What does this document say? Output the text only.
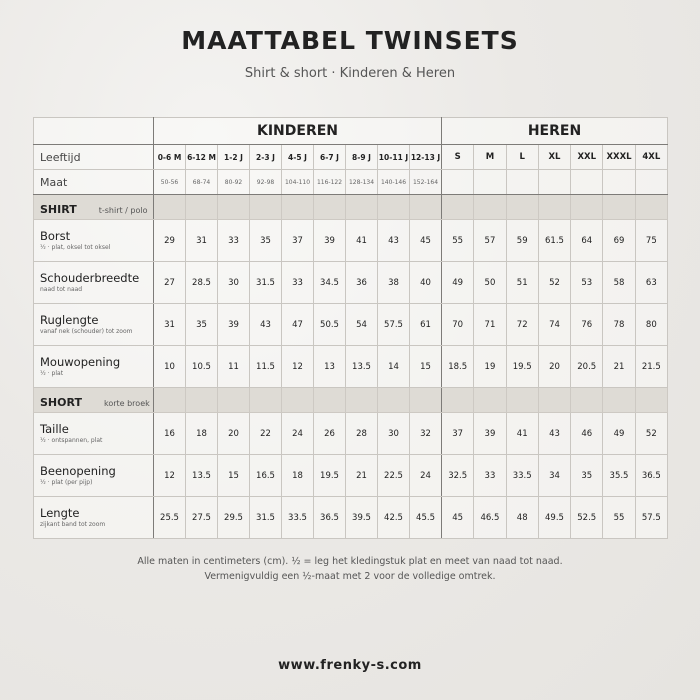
MAATTABEL TWINSETS
Shirt & short · Kinderen & Heren
	KINDEREN									HEREN						
Leeftijd	0-6 M	6-12 M	1-2 J	2-3 J	4-5 J	6-7 J	8-9 J	10-11 J	12-13 J	S	M	L	XL	XXL	XXXL	4XL
Maat	50-56	68-74	80-92	92-98	104-110	116-122	128-134	140-146	152-164							
SHIRT t-shirt / polo																

Borst
½ · plat, oksel tot oksel	29	31	33	35	37	39	41	43	45	55	57	59	61.5	64	69	75

Schouderbreedte
naad tot naad	27	28.5	30	31.5	33	34.5	36	38	40	49	50	51	52	53	58	63

Ruglengte
vanaf nek (schouder) tot zoom	31	35	39	43	47	50.5	54	57.5	61	70	71	72	74	76	78	80

Mouwopening
½ · plat	10	10.5	11	11.5	12	13	13.5	14	15	18.5	19	19.5	20	20.5	21	21.5
SHORT korte broek																

Taille
½ · ontspannen, plat	16	18	20	22	24	26	28	30	32	37	39	41	43	46	49	52

Beenopening
½ · plat (per pijp)	12	13.5	15	16.5	18	19.5	21	22.5	24	32.5	33	33.5	34	35	35.5	36.5

Lengte
zijkant band tot zoom	25.5	27.5	29.5	31.5	33.5	36.5	39.5	42.5	45.5	45	46.5	48	49.5	52.5	55	57.5
Alle maten in centimeters (cm). ½ = leg het kledingstuk plat en meet van naad tot naad.
Vermenigvuldig een ½-maat met 2 voor de volledige omtrek.
www.frenky-s.com
